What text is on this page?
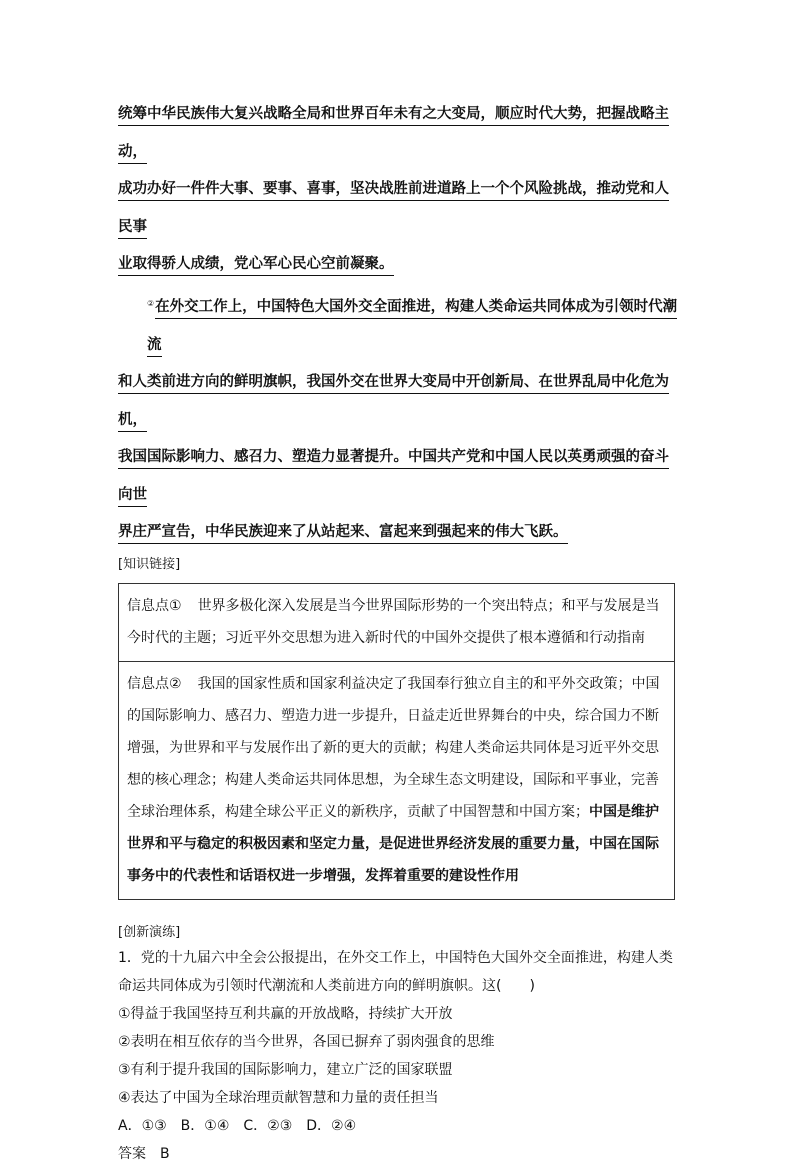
统筹中华民族伟大复兴战略全局和世界百年未有之大变局，顺应时代大势，把握战略主动，

成功办好一件件大事、要事、喜事，坚决战胜前进道路上一个个风险挑战，推动党和人民事

业取得骄人成绩，党心军心民心空前凝聚。

②在外交工作上，中国特色大国外交全面推进，构建人类命运共同体成为引领时代潮流

和人类前进方向的鲜明旗帜，我国外交在世界大变局中开创新局、在世界乱局中化危为机，

我国国际影响力、感召力、塑造力显著提升。中国共产党和中国人民以英勇顽强的奋斗向世

界庄严宣告，中华民族迎来了从站起来、富起来到强起来的伟大飞跃。

[知识链接]
信息点① 世界多极化深入发展是当今世界国际形势的一个突出特点；和平与发展是当今时代的主题；习近平外交思想为进入新时代的中国外交提供了根本遵循和行动指南
信息点② 我国的国家性质和国家利益决定了我国奉行独立自主的和平外交政策；中国的国际影响力、感召力、塑造力进一步提升，日益走近世界舞台的中央，综合国力不断增强，为世界和平与发展作出了新的更大的贡献；构建人类命运共同体是习近平外交思想的核心理念；构建人类命运共同体思想，为全球生态文明建设，国际和平事业，完善全球治理体系，构建全球公平正义的新秩序，贡献了中国智慧和中国方案；中国是维护世界和平与稳定的积极因素和坚定力量，是促进世界经济发展的重要力量，中国在国际事务中的代表性和话语权进一步增强，发挥着重要的建设性作用
[创新演练]

1．党的十九届六中全会公报提出，在外交工作上，中国特色大国外交全面推进，构建人类命运共同体成为引领时代潮流和人类前进方向的鲜明旗帜。这(　　)

①得益于我国坚持互利共赢的开放战略，持续扩大开放

②表明在相互依存的当今世界，各国已摒弃了弱肉强食的思维

③有利于提升我国的国际影响力，建立广泛的国家联盟

④表达了中国为全球治理贡献智慧和力量的责任担当

A．①③　B．①④　C．②③　D．②④

答案 B
